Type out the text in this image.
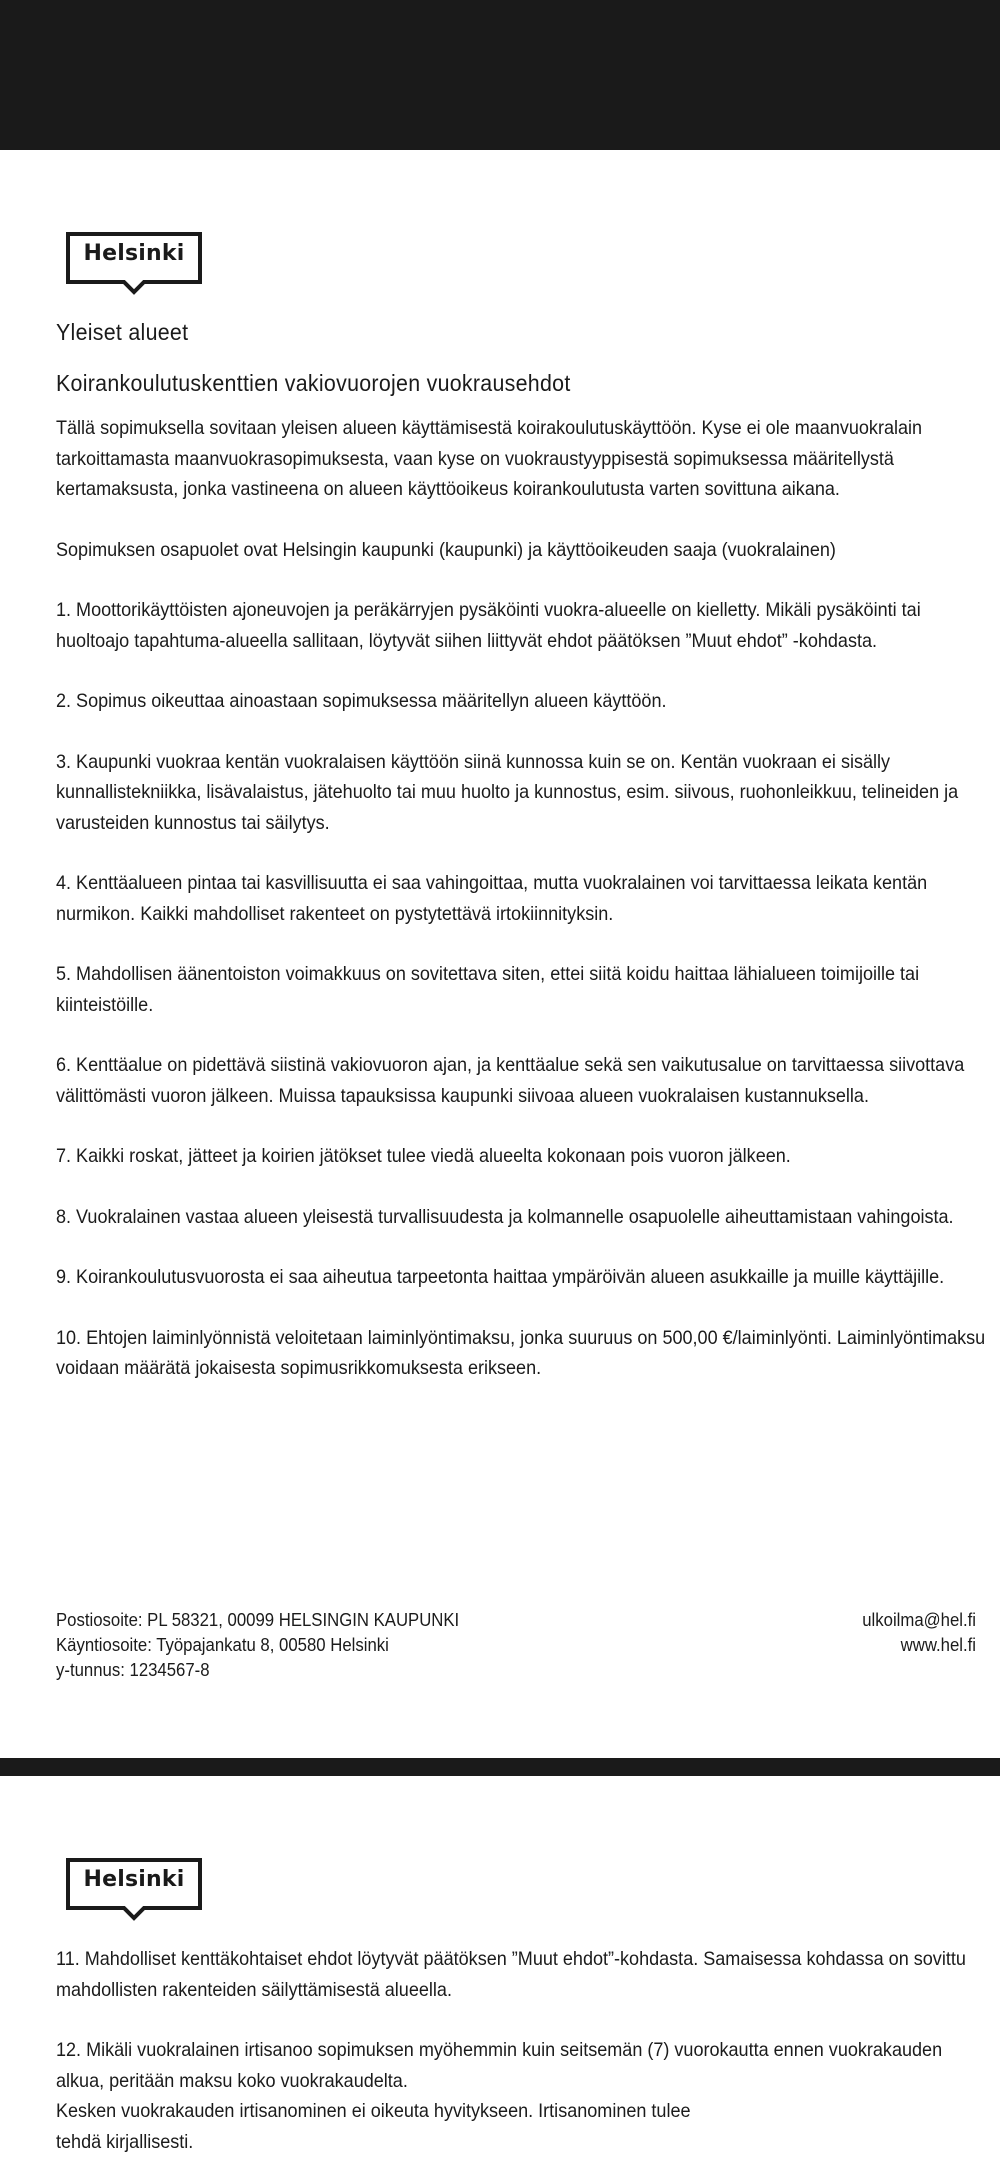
Helsinki
Yleiset alueet
Koirankoulutuskenttien vakiovuorojen vuokrausehdot

Tällä sopimuksella sovitaan yleisen alueen käyttämisestä koirakoulutuskäyttöön. Kyse ei ole maanvuokralain tarkoittamasta maanvuokrasopimuksesta, vaan kyse on vuokraustyyppisestä sopimuksessa määritellystä kertamaksusta, jonka vastineena on alueen käyttöoikeus koirankoulutusta varten sovittuna aikana.

Sopimuksen osapuolet ovat Helsingin kaupunki (kaupunki) ja käyttöoikeuden saaja (vuokralainen)

1. Moottorikäyttöisten ajoneuvojen ja peräkärryjen pysäköinti vuokra-alueelle on kielletty. Mikäli pysäköinti tai huoltoajo tapahtuma-alueella sallitaan, löytyvät siihen liittyvät ehdot päätöksen ”Muut ehdot” -kohdasta.

2. Sopimus oikeuttaa ainoastaan sopimuksessa määritellyn alueen käyttöön.

3. Kaupunki vuokraa kentän vuokralaisen käyttöön siinä kunnossa kuin se on. Kentän vuokraan ei sisälly kunnallistekniikka, lisävalaistus, jätehuolto tai muu huolto ja kunnostus, esim. siivous, ruohonleikkuu, telineiden ja varusteiden kunnostus tai säilytys.

4. Kenttäalueen pintaa tai kasvillisuutta ei saa vahingoittaa, mutta vuokralainen voi tarvittaessa leikata kentän nurmikon. Kaikki mahdolliset rakenteet on pystytettävä irtokiinnityksin.

5. Mahdollisen äänentoiston voimakkuus on sovitettava siten, ettei siitä koidu haittaa lähialueen toimijoille tai kiinteistöille.

6. Kenttäalue on pidettävä siistinä vakiovuoron ajan, ja kenttäalue sekä sen vaikutusalue on tarvittaessa siivottava välittömästi vuoron jälkeen. Muissa tapauksissa kaupunki siivoaa alueen vuokralaisen kustannuksella.

7. Kaikki roskat, jätteet ja koirien jätökset tulee viedä alueelta kokonaan pois vuoron jälkeen.

8. Vuokralainen vastaa alueen yleisestä turvallisuudesta ja kolmannelle osapuolelle aiheuttamistaan vahingoista.

9. Koirankoulutusvuorosta ei saa aiheutua tarpeetonta haittaa ympäröivän alueen asukkaille ja muille käyttäjille.

10. Ehtojen laiminlyönnistä veloitetaan laiminlyöntimaksu, jonka suuruus on 500,00 €/laiminlyönti. Laiminlyöntimaksu voidaan määrätä jokaisesta sopimusrikkomuksesta erikseen.

Postiosoite: PL 58321, 00099 HELSINGIN KAUPUNKI
Käyntiosoite: Työpajankatu 8, 00580 Helsinki
y-tunnus: 1234567-8
ulkoilma@hel.fi
www.hel.fi
Helsinki

11. Mahdolliset kenttäkohtaiset ehdot löytyvät päätöksen ”Muut ehdot”-kohdasta. Samaisessa kohdassa on sovittu mahdollisten rakenteiden säilyttämisestä alueella.

12. Mikäli vuokralainen irtisanoo sopimuksen myöhemmin kuin seitsemän (7) vuorokautta ennen vuokrakauden alkua, peritään maksu koko vuokrakaudelta.

Kesken vuokrakauden irtisanominen ei oikeuta hyvitykseen. Irtisanominen tulee
tehdä kirjallisesti.
